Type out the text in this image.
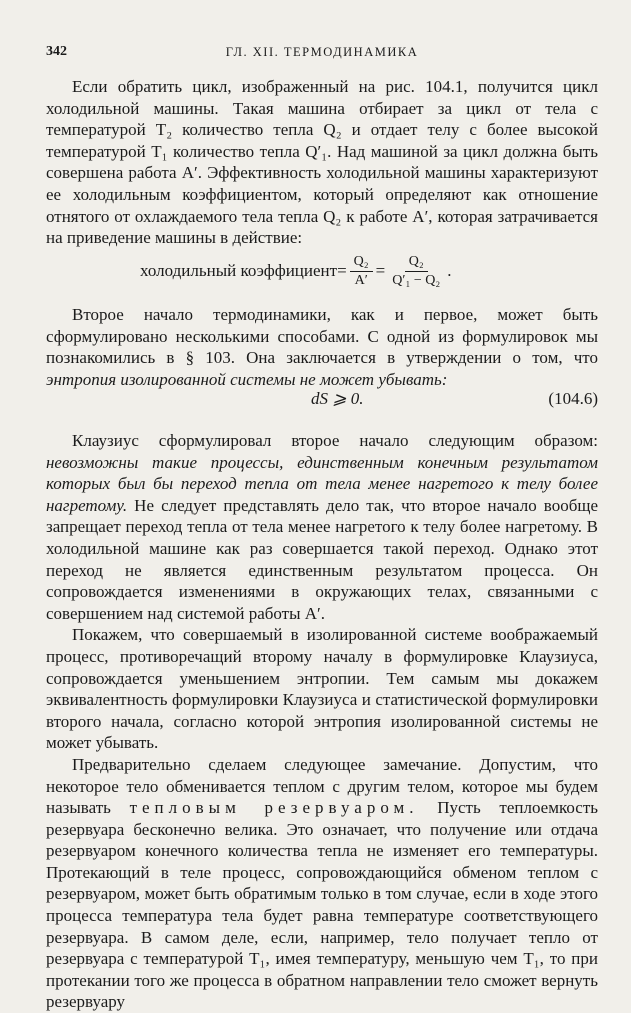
342	ГЛ. XII. ТЕРМОДИНАМИКА

Если обратить цикл, изображенный на рис. 104.1, получится цикл холодильной машины. Такая машина отбирает за цикл от тела с температурой T₂ количество тепла Q₂ и отдает телу с более высокой температурой T₁ количество тепла Q′₁. Над машиной за цикл должна быть совершена работа A′. Эффективность холодильной машины характеризуют ее холодильным коэффициентом, который определяют как отношение отнятого от охлаждаемого тела тепла Q₂ к работе A′, которая затрачивается на приведение машины в действие:

холодильный коэффициент = $\frac{\text{Q₂}}{A'} = \frac{\text{Q₂}}{\text{Q′₁ − Q₂}}$ .

Второе начало термодинамики, как и первое, может быть сформулировано несколькими способами. С одной из формулировок мы познакомились в § 103. Она заключается в утверждении о том, что энтропия изолированной системы не может убывать:

dS ⩾ 0.	(104.6)

Клаузиус сформулировал второе начало следующим образом: невозможны такие процессы, единственным конечным результатом которых был бы переход тепла от тела менее нагретого к телу более нагретому. Не следует представлять дело так, что второе начало вообще запрещает переход тепла от тела менее нагретого к телу более нагретому. В холодильной машине как раз совершается такой переход. Однако этот переход не является единственным результатом процесса. Он сопровождается изменениями в окружающих телах, связанными с совершением над системой работы A′.

Покажем, что совершаемый в изолированной системе воображаемый процесс, противоречащий второму началу в формулировке Клаузиуса, сопровождается уменьшением энтропии. Тем самым мы докажем эквивалентность формулировки Клаузиуса и статистической формулировки второго начала, согласно которой энтропия изолированной системы не может убывать.

Предварительно сделаем следующее замечание. Допустим, что некоторое тело обменивается теплом с другим телом, которое мы будем называть тепловым резервуаром. Пусть теплоемкость резервуара бесконечно велика. Это означает, что получение или отдача резервуаром конечного количества тепла не изменяет его температуры. Протекающий в теле процесс, сопровождающийся обменом теплом с резервуаром, может быть обратимым только в том случае, если в ходе этого процесса температура тела будет равна температуре соответствующего резервуара. В самом деле, если, например, тело получает тепло от резервуара с температурой T₁, имея температуру, меньшую чем T₁, то при протекании того же процесса в обратном направлении тело сможет вернуть резервуару
